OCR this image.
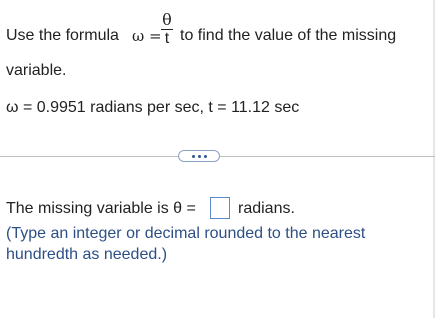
Use the formula ω =
θ
t to find the value of the missing
variable.
ω = 0.9951 radians per sec, t = 11.12 sec
The missing variable is θ =	radians.
(Type an integer or decimal rounded to the nearest
hundredth as needed.)
